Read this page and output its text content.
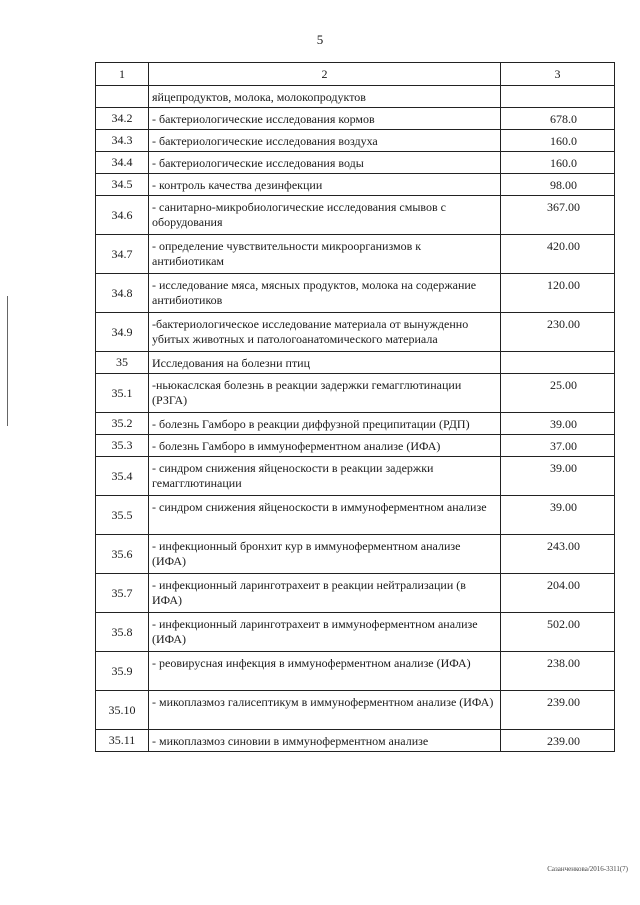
5
1	2	3
	яйцепродуктов, молока, молокопродуктов	
34.2	- бактериологические исследования кормов	678.0
34.3	- бактериологические исследования воздуха	160.0
34.4	- бактериологические исследования воды	160.0
34.5	- контроль качества дезинфекции	98.00
34.6	- санитарно-микробиологические исследования смывов с оборудования	367.00
34.7	- определение чувствительности микроорганизмов к антибиотикам	420.00
34.8	- исследование мяса, мясных продуктов, молока на содержание антибиотиков	120.00
34.9	-бактериологическое исследование материала от вынужденно убитых животных и патологоанатомического материала	230.00
35	Исследования на болезни птиц	
35.1	-ньюкаслская болезнь в реакции задержки гемагглютинации (РЗГА)	25.00
35.2	- болезнь Гамборо в реакции диффузной преципитации (РДП)	39.00
35.3	- болезнь Гамборо в иммуноферментном анализе (ИФА)	37.00
35.4	- синдром снижения яйценоскости в реакции задержки гемагглютинации	39.00
35.5	- синдром снижения яйценоскости в иммуноферментном анализе	39.00
35.6	- инфекционный бронхит кур в иммуноферментном анализе (ИФА)	243.00
35.7	- инфекционный ларинготрахеит в реакции нейтрализации (в ИФА)	204.00
35.8	- инфекционный ларинготрахеит в иммуноферментном анализе (ИФА)	502.00
35.9	- реовирусная инфекция в иммуноферментном анализе (ИФА)	238.00
35.10	- микоплазмоз галисептикум в иммуноферментном анализе (ИФА)	239.00
35.11	- микоплазмоз синовии в иммуноферментном анализе	239.00
Сазанченкова/2016-3311(7)
